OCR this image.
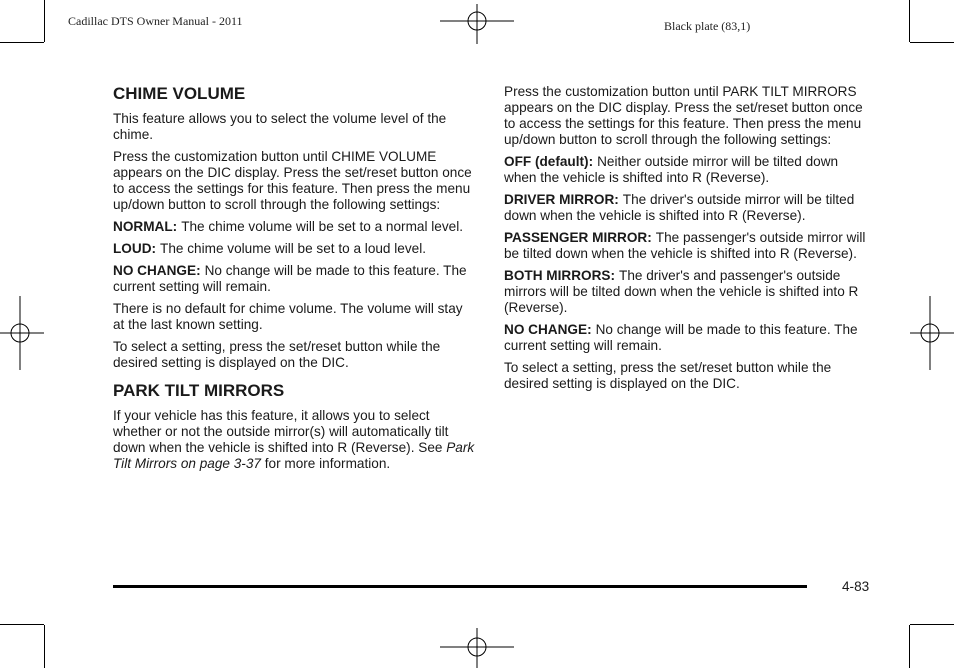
Cadillac DTS Owner Manual - 2011	Black plate (83,1)
CHIME VOLUME

This feature allows you to select the volume level of the chime.

Press the customization button until CHIME VOLUME appears on the DIC display. Press the set/reset button once to access the settings for this feature. Then press the menu up/down button to scroll through the following settings:

NORMAL: The chime volume will be set to a normal level.

LOUD: The chime volume will be set to a loud level.

NO CHANGE: No change will be made to this feature. The current setting will remain.

There is no default for chime volume. The volume will stay at the last known setting.

To select a setting, press the set/reset button while the desired setting is displayed on the DIC.

PARK TILT MIRRORS

If your vehicle has this feature, it allows you to select whether or not the outside mirror(s) will automatically tilt down when the vehicle is shifted into R (Reverse). See Park Tilt Mirrors on page 3-37 for more information.

Press the customization button until PARK TILT MIRRORS appears on the DIC display. Press the set/reset button once to access the settings for this feature. Then press the menu up/down button to scroll through the following settings:

OFF (default): Neither outside mirror will be tilted down when the vehicle is shifted into R (Reverse).

DRIVER MIRROR: The driver's outside mirror will be tilted down when the vehicle is shifted into R (Reverse).

PASSENGER MIRROR: The passenger's outside mirror will be tilted down when the vehicle is shifted into R (Reverse).

BOTH MIRRORS: The driver's and passenger's outside mirrors will be tilted down when the vehicle is shifted into R (Reverse).

NO CHANGE: No change will be made to this feature. The current setting will remain.

To select a setting, press the set/reset button while the desired setting is displayed on the DIC.

4-83
